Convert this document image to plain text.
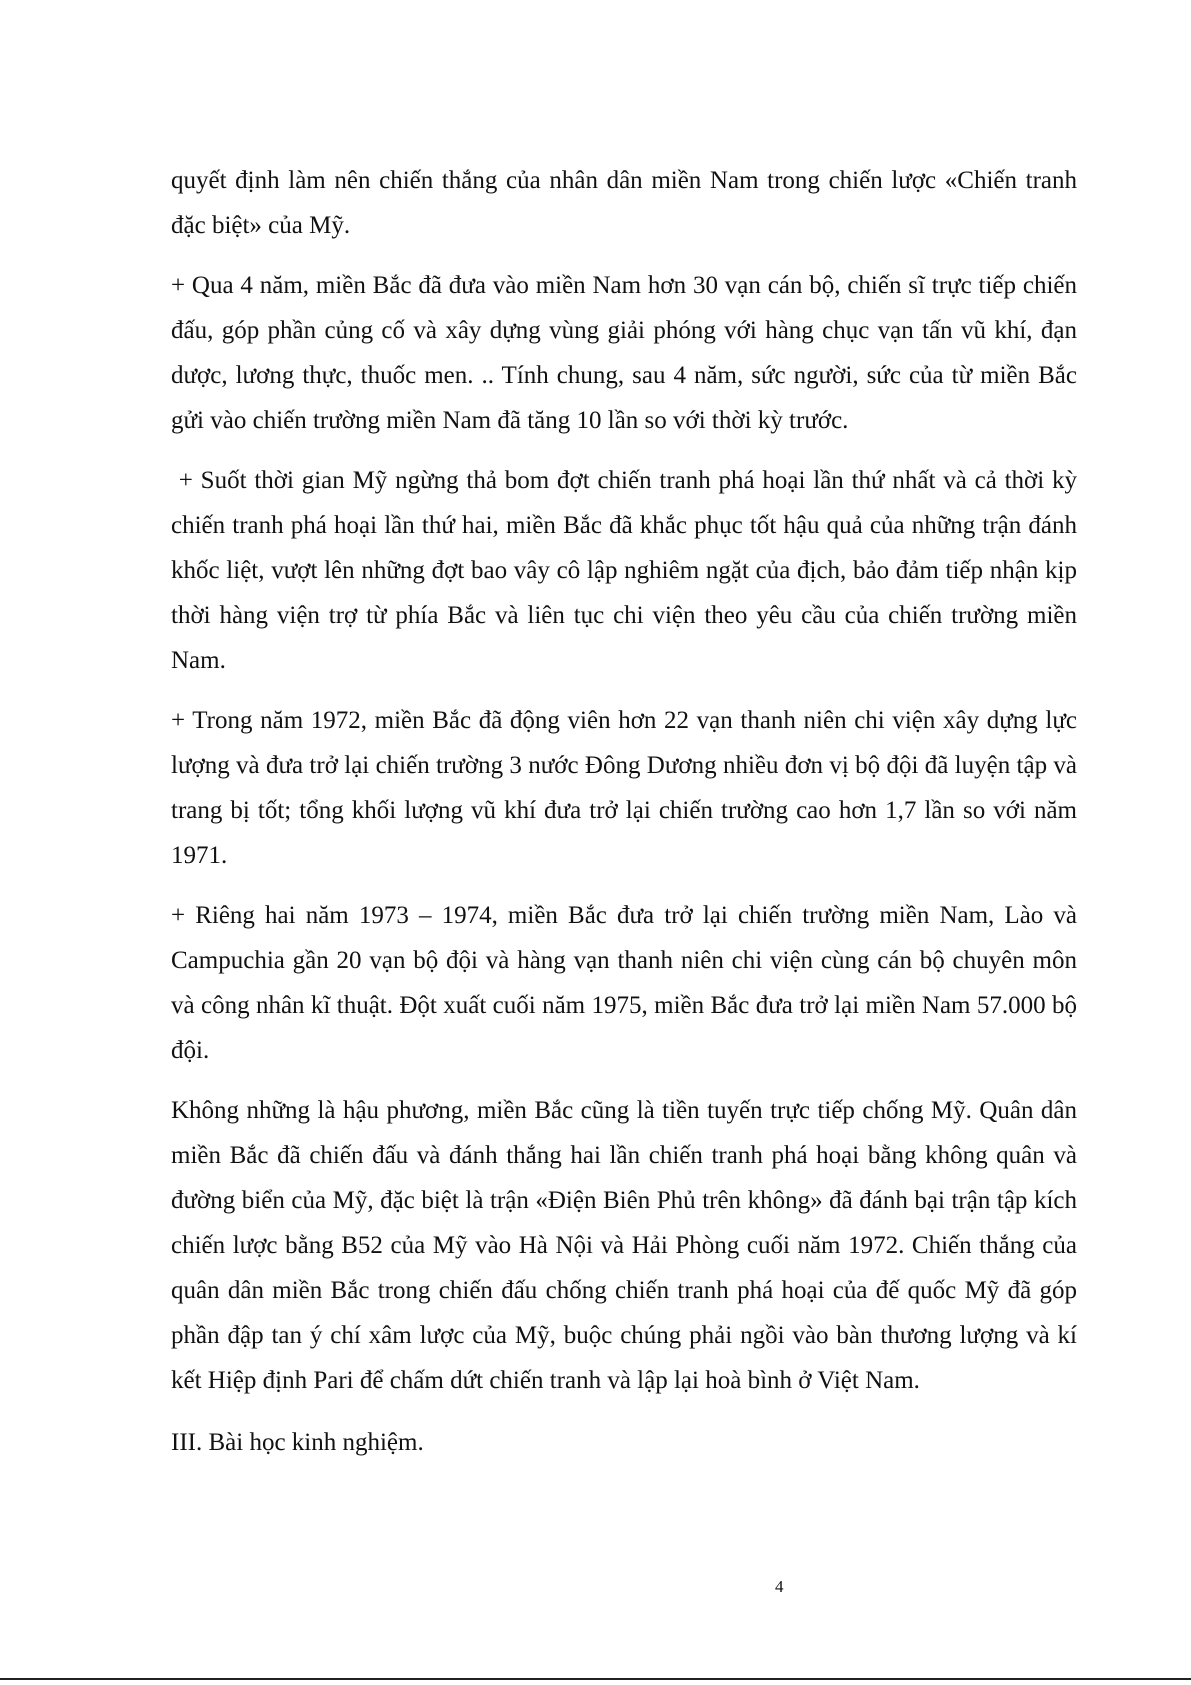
quyết định làm nên chiến thắng của nhân dân miền Nam trong chiến lược «Chiến tranh đặc biệt» của Mỹ.

+ Qua 4 năm, miền Bắc đã đưa vào miền Nam hơn 30 vạn cán bộ, chiến sĩ trực tiếp chiến đấu, góp phần củng cố và xây dựng vùng giải phóng với hàng chục vạn tấn vũ khí, đạn dược, lương thực, thuốc men. .. Tính chung, sau 4 năm, sức người, sức của từ miền Bắc gửi vào chiến trường miền Nam đã tăng 10 lần so với thời kỳ trước.

+ Suốt thời gian Mỹ ngừng thả bom đợt chiến tranh phá hoại lần thứ nhất và cả thời kỳ chiến tranh phá hoại lần thứ hai, miền Bắc đã khắc phục tốt hậu quả của những trận đánh khốc liệt, vượt lên những đợt bao vây cô lập nghiêm ngặt của địch, bảo đảm tiếp nhận kịp thời hàng viện trợ từ phía Bắc và liên tục chi viện theo yêu cầu của chiến trường miền Nam.

+ Trong năm 1972, miền Bắc đã động viên hơn 22 vạn thanh niên chi viện xây dựng lực lượng và đưa trở lại chiến trường 3 nước Đông Dương nhiều đơn vị bộ đội đã luyện tập và trang bị tốt; tổng khối lượng vũ khí đưa trở lại chiến trường cao hơn 1,7 lần so với năm 1971.

+ Riêng hai năm 1973 – 1974, miền Bắc đưa trở lại chiến trường miền Nam, Lào và Campuchia gần 20 vạn bộ đội và hàng vạn thanh niên chi viện cùng cán bộ chuyên môn và công nhân kĩ thuật. Đột xuất cuối năm 1975, miền Bắc đưa trở lại miền Nam 57.000 bộ đội.

Không những là hậu phương, miền Bắc cũng là tiền tuyến trực tiếp chống Mỹ. Quân dân miền Bắc đã chiến đấu và đánh thắng hai lần chiến tranh phá hoại bằng không quân và đường biển của Mỹ, đặc biệt là trận «Điện Biên Phủ trên không» đã đánh bại trận tập kích chiến lược bằng B52 của Mỹ vào Hà Nội và Hải Phòng cuối năm 1972. Chiến thắng của quân dân miền Bắc trong chiến đấu chống chiến tranh phá hoại của đế quốc Mỹ đã góp phần đập tan ý chí xâm lược của Mỹ, buộc chúng phải ngồi vào bàn thương lượng và kí kết Hiệp định Pari để chấm dứt chiến tranh và lập lại hoà bình ở Việt Nam.

III. Bài học kinh nghiệm.

4
